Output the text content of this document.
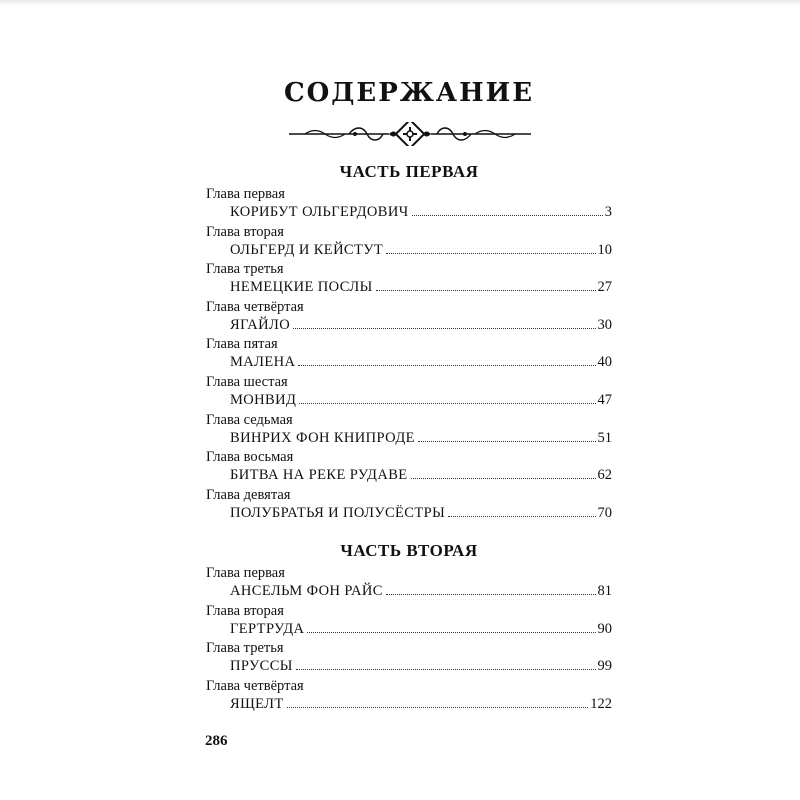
СОДЕРЖАНИЕ
ЧАСТЬ ПЕРВАЯ
Глава первая
КОРИБУТ ОЛЬГЕРДОВИЧ	3
Глава вторая
ОЛЬГЕРД И КЕЙСТУТ	10
Глава третья
НЕМЕЦКИЕ ПОСЛЫ	27
Глава четвёртая
ЯГАЙЛО	30
Глава пятая
МАЛЕНА	40
Глава шестая
МОНВИД	47
Глава седьмая
ВИНРИХ ФОН КНИПРОДЕ	51
Глава восьмая
БИТВА НА РЕКЕ РУДАВЕ	62
Глава девятая
ПОЛУБРАТЬЯ И ПОЛУСЁСТРЫ	70
ЧАСТЬ ВТОРАЯ
Глава первая
АНСЕЛЬМ ФОН РАЙС	81
Глава вторая
ГЕРТРУДА	90
Глава третья
ПРУССЫ	99
Глава четвёртая
ЯЩЕЛТ	122
286
